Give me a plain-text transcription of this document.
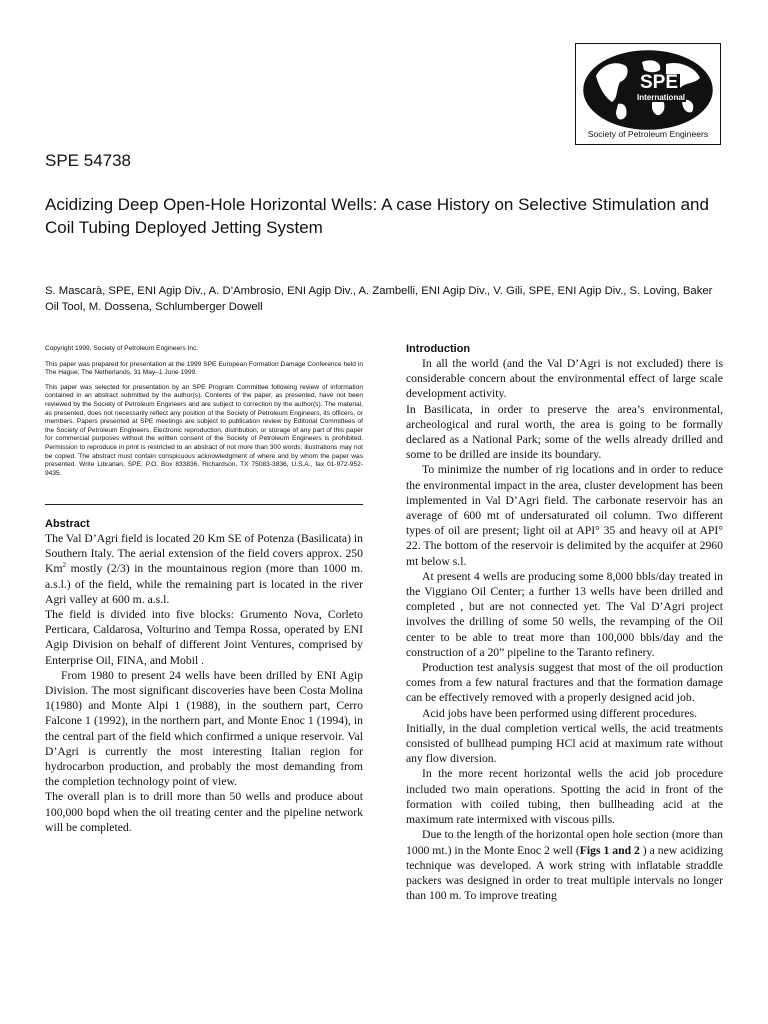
SPE
International
Society of Petroleum Engineers
SPE 54738
Acidizing Deep Open-Hole Horizontal Wells: A case History on Selective Stimulation and Coil Tubing Deployed Jetting System
S. Mascarà, SPE, ENI Agip Div., A. D’Ambrosio, ENI Agip Div., A. Zambelli, ENI Agip Div., V. Gili, SPE, ENI Agip Div., S. Loving, Baker Oil Tool, M. Dossena, Schlumberger Dowell

Copyright 1999, Society of Petroleum Engineers Inc.

This paper was prepared for presentation at the 1999 SPE European Formation Damage Conference held in The Hague, The Netherlands, 31 May–1 June 1999.

This paper was selected for presentation by an SPE Program Committee following review of information contained in an abstract submitted by the author(s). Contents of the paper, as presented, have not been reviewed by the Society of Petroleum Engineers and are subject to correction by the author(s). The material, as presented, does not necessarily reflect any position of the Society of Petroleum Engineers, its officers, or members. Papers presented at SPE meetings are subject to publication review by Editorial Committees of the Society of Petroleum Engineers. Electronic reproduction, distribution, or storage of any part of this paper for commercial purposes without the written consent of the Society of Petroleum Engineers is prohibited. Permission to reproduce in print is restricted to an abstract of not more than 300 words; illustrations may not be copied. The abstract must contain conspicuous acknowledgment of where and by whom the paper was presented. Write Librarian, SPE, P.O. Box 833836, Richardson, TX 75083-3836, U.S.A., fax 01-972-952-9435.

Abstract

The Val D’Agri field is located 20 Km SE of Potenza (Basilicata) in Southern Italy. The aerial extension of the field covers approx. 250 Km$^2$ mostly (2/3) in the mountainous region (more than 1000 m. a.s.l.) of the field, while the remaining part is located in the river Agri valley at 600 m. a.s.l.

The field is divided into five blocks: Grumento Nova, Corleto Perticara, Caldarosa, Volturino and Tempa Rossa, operated by ENI Agip Division on behalf of different Joint Ventures, comprised by Enterprise Oil, FINA, and Mobil .

From 1980 to present 24 wells have been drilled by ENI Agip Division. The most significant discoveries have been Costa Molina 1(1980) and Monte Alpi 1 (1988), in the southern part, Cerro Falcone 1 (1992), in the northern part, and Monte Enoc 1 (1994), in the central part of the field which confirmed a unique reservoir. Val D’Agri is currently the most interesting Italian region for hydrocarbon production, and probably the most demanding from the completion technology point of view.

The overall plan is to drill more than 50 wells and produce about 100,000 bopd when the oil treating center and the pipeline network will be completed.

Introduction

In all the world (and the Val D’Agri is not excluded) there is considerable concern about the environmental effect of large scale development activity.

In Basilicata, in order to preserve the area’s environmental, archeological and rural worth, the area is going to be formally declared as a National Park; some of the wells already drilled and some to be drilled are inside its boundary.

To minimize the number of rig locations and in order to reduce the environmental impact in the area, cluster development has been implemented in Val D’Agri field. The carbonate reservoir has an average of 600 mt of undersaturated oil column. Two different types of oil are present; light oil at API° 35 and heavy oil at API° 22. The bottom of the reservoir is delimited by the acquifer at 2960 mt below s.l.

At present 4 wells are producing some 8,000 bbls/day treated in the Viggiano Oil Center; a further 13 wells have been drilled and completed , but are not connected yet. The Val D’Agri project involves the drilling of some 50 wells, the revamping of the Oil center to be able to treat more than 100,000 bbls/day and the construction of a 20” pipeline to the Taranto refinery.

Production test analysis suggest that most of the oil production comes from a few natural fractures and that the formation damage can be effectively removed with a properly designed acid job.

Acid jobs have been performed using different procedures.

Initially, in the dual completion vertical wells, the acid treatments consisted of bullhead pumping HCl acid at maximum rate without any flow diversion.

In the more recent horizontal wells the acid job procedure included two main operations. Spotting the acid in front of the formation with coiled tubing, then bullheading acid at the maximum rate intermixed with viscous pills.

Due to the length of the horizontal open hole section (more than 1000 mt.) in the Monte Enoc 2 well (Figs 1 and 2 ) a new acidizing technique was developed. A work string with inflatable straddle packers was designed in order to treat multiple intervals no longer than 100 m. To improve treating
